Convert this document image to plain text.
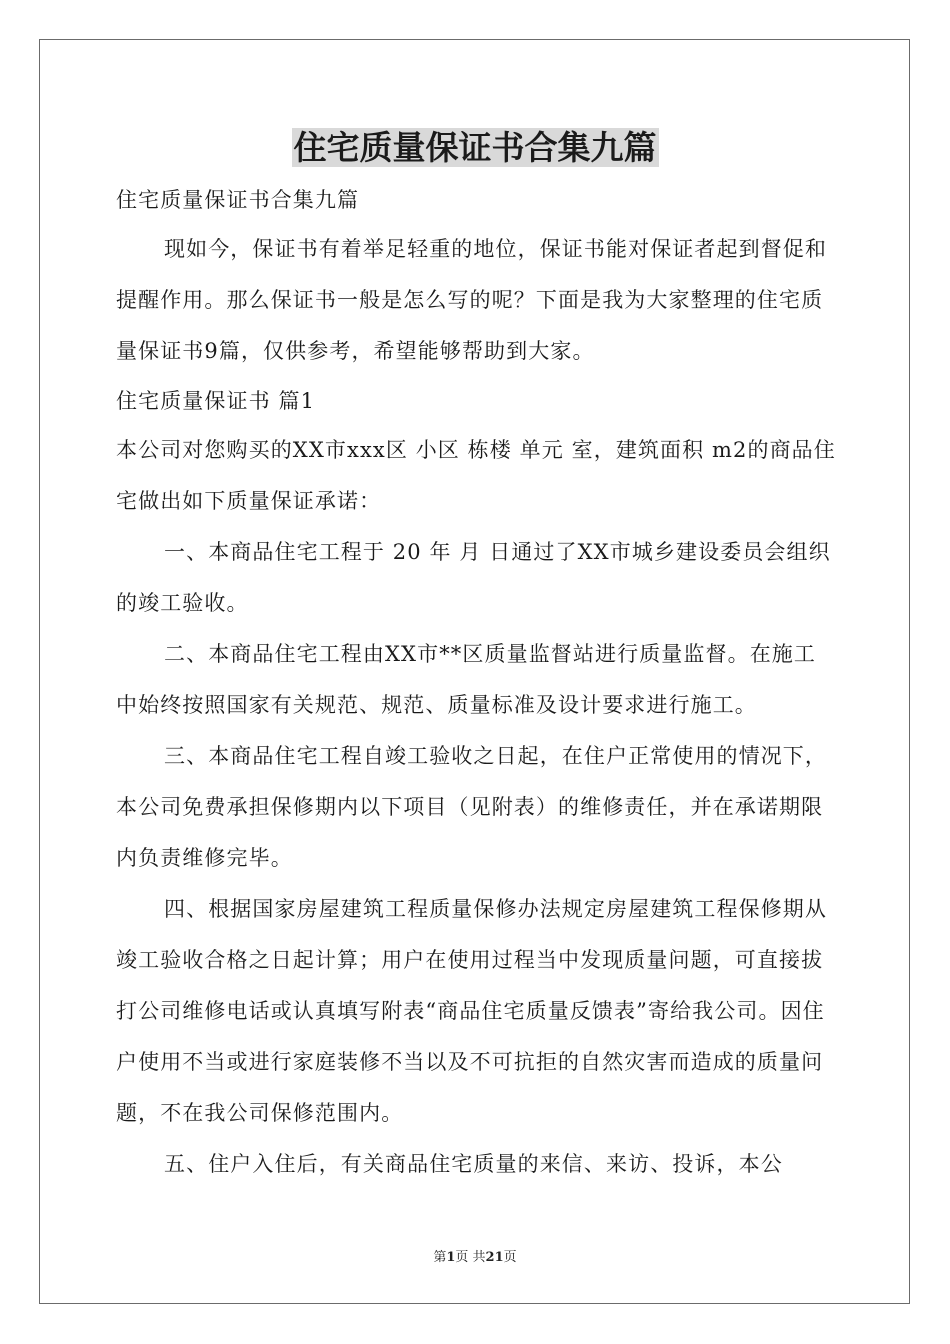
住宅质量保证书合集九篇

住宅质量保证书合集九篇

现如今，保证书有着举足轻重的地位，保证书能对保证者起到督促和提醒作用。那么保证书一般是怎么写的呢？下面是我为大家整理的住宅质量保证书9篇，仅供参考，希望能够帮助到大家。

住宅质量保证书 篇1

本公司对您购买的XX市xxx区 小区 栋楼 单元 室，建筑面积 m2的商品住宅做出如下质量保证承诺：

一、本商品住宅工程于 20 年 月 日通过了XX市城乡建设委员会组织的竣工验收。

二、本商品住宅工程由XX市**区质量监督站进行质量监督。在施工中始终按照国家有关规范、规范、质量标准及设计要求进行施工。

三、本商品住宅工程自竣工验收之日起，在住户正常使用的情况下，本公司免费承担保修期内以下项目（见附表）的维修责任，并在承诺期限内负责维修完毕。

四、根据国家房屋建筑工程质量保修办法规定房屋建筑工程保修期从竣工验收合格之日起计算；用户在使用过程当中发现质量问题，可直接拔打公司维修电话或认真填写附表“商品住宅质量反馈表”寄给我公司。因住户使用不当或进行家庭装修不当以及不可抗拒的自然灾害而造成的质量问题，不在我公司保修范围内。

五、住户入住后，有关商品住宅质量的来信、来访、投诉，本公

第1页 共21页
